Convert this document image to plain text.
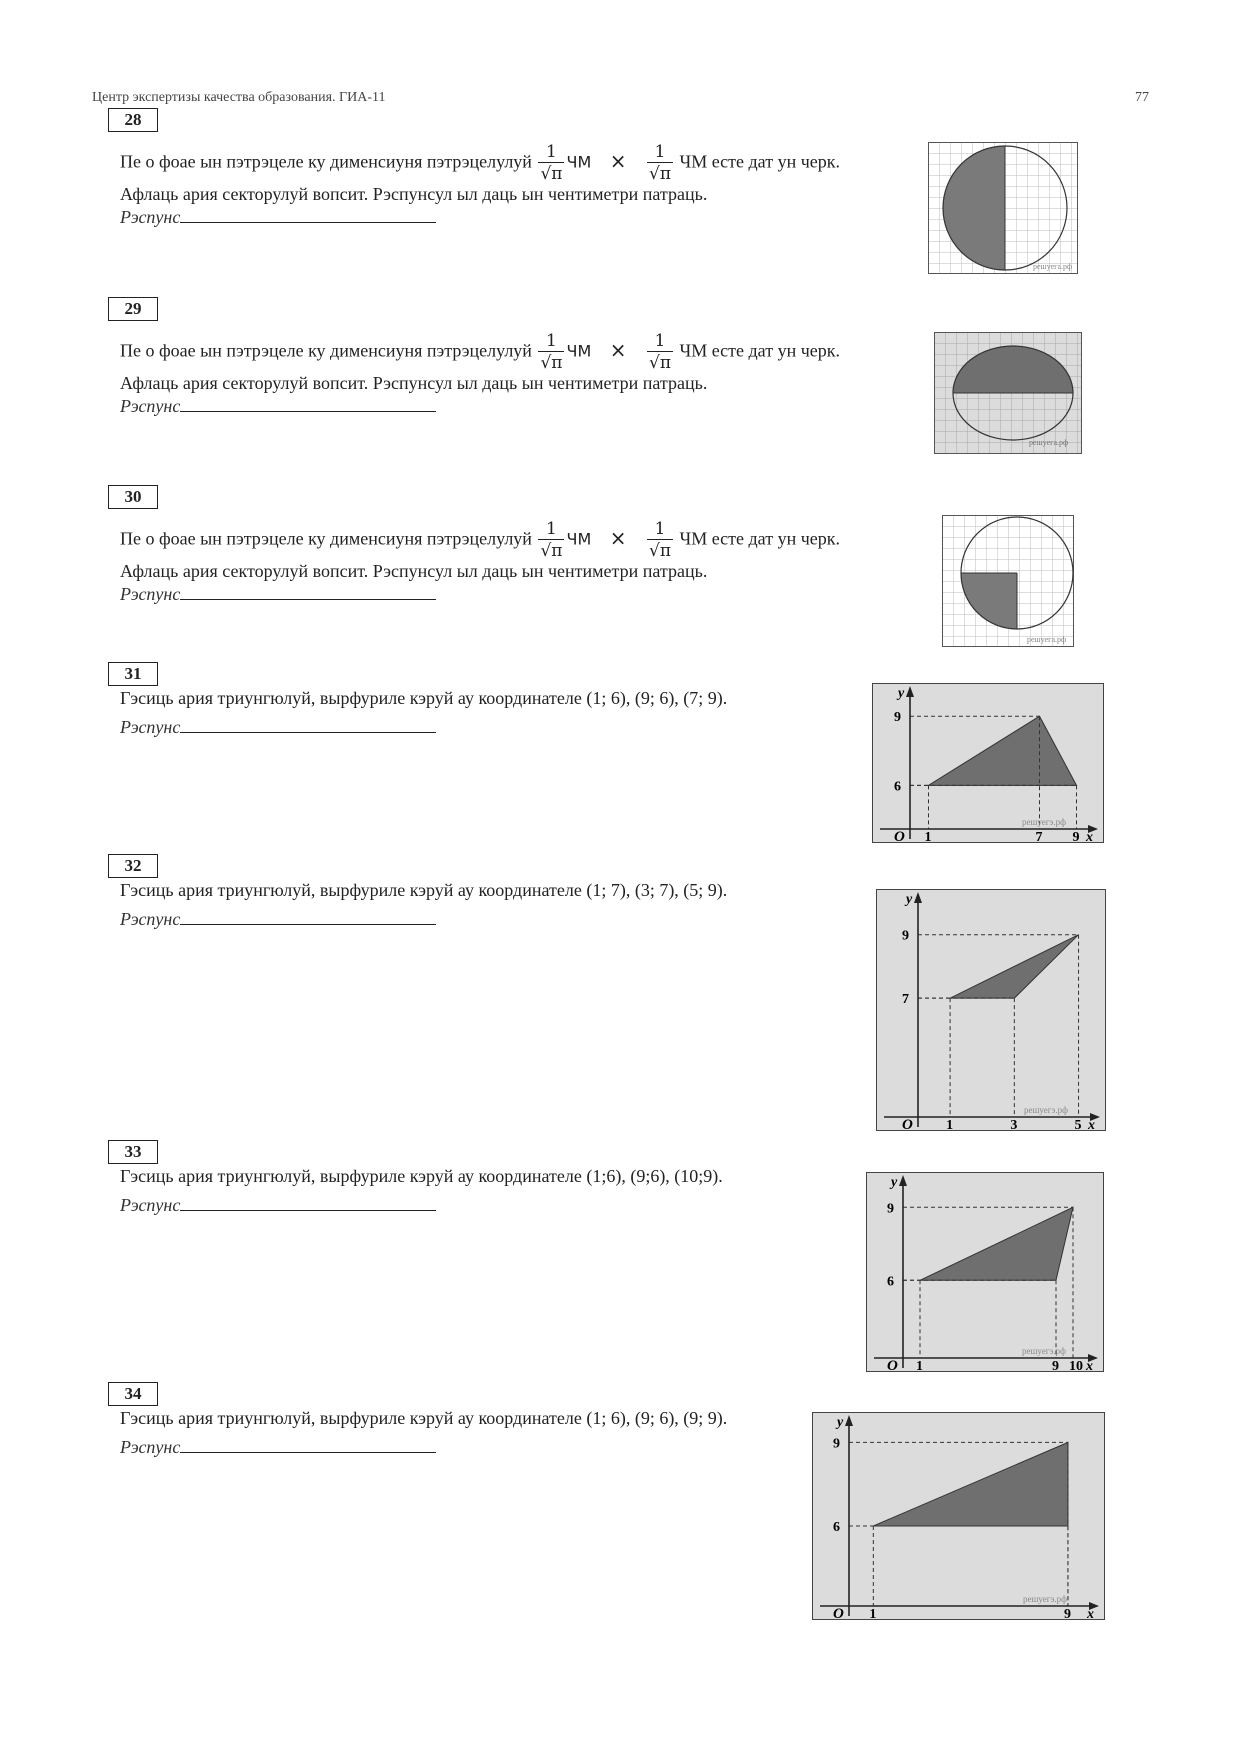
Центр экспертизы качества образования. ГИА-11	77
28
Пе о фоае ын пэтрэцеле ку дименсиуня пэтрэцелулуй $\frac{1}{√\pi}$ ЧМ × $\frac{1}{√\pi}$ ЧМ есте дат ун черк.
Афлаць ария секторулуй вопсит. Рэспунсул ыл даць ын чентиметри патраць.
Рэспунс
решуега.рф
29
Пе о фоае ын пэтрэцеле ку дименсиуня пэтрэцелулуй $\frac{1}{√\pi}$ ЧМ × $\frac{1}{√\pi}$ ЧМ есте дат ун черк.
Афлаць ария секторулуй вопсит. Рэспунсул ыл даць ын чентиметри патраць.
Рэспунс
решуега.рф
30
Пе о фоае ын пэтрэцеле ку дименсиуня пэтрэцелулуй $\frac{1}{√\pi}$ ЧМ × $\frac{1}{√\pi}$ ЧМ есте дат ун черк.
Афлаць ария секторулуй вопсит. Рэспунсул ыл даць ын чентиметри патраць.
Рэспунс
решуега.рф
31
Гэсиць ария триунгюлуй, вырфуриле кэруй ау координателе (1; 6), (9; 6), (7; 9).
Рэспунс
y
x
O
6
9
1	7 9
решуегэ.рф
32
Гэсиць ария триунгюлуй, вырфуриле кэруй ау координателе (1; 7), (3; 7), (5; 9).
Рэспунс
y
x
O
7
9
1	3	5
решуегэ.рф
33
Гэсиць ария триунгюлуй, вырфуриле кэруй ау координателе (1;6), (9;6), (10;9).
Рэспунс
y
x
O
6
9
1	9 10
решуегэ.рф
34
Гэсиць ария триунгюлуй, вырфуриле кэруй ау координателе (1; 6), (9; 6), (9; 9).
Рэспунс
y
x
O
6
9
1	9
решуегэ.рф
